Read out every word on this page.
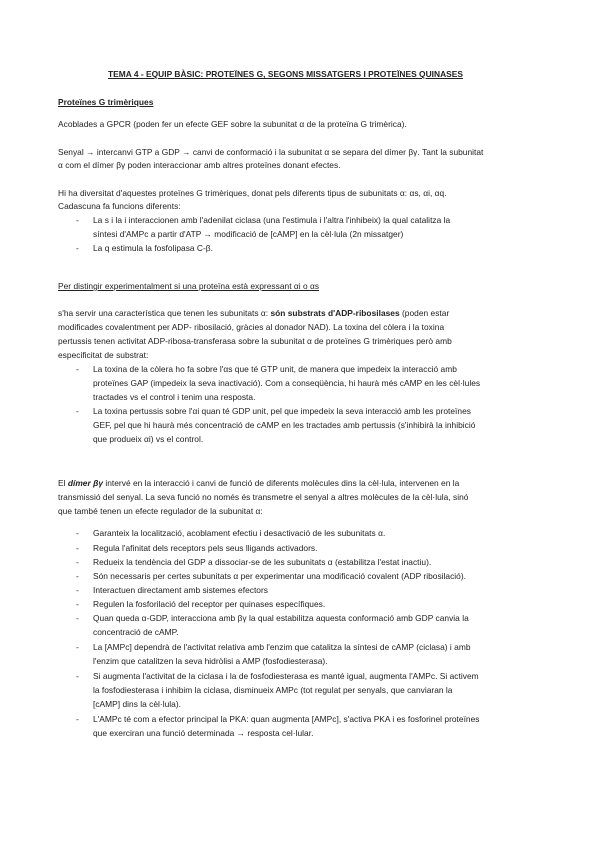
TEMA 4 - EQUIP BÀSIC: PROTEÏNES G, SEGONS MISSATGERS I PROTEÏNES QUINASES
Proteïnes G trimèriques
Acoblades a GPCR (poden fer un efecte GEF sobre la subunitat α de la proteïna G trimèrica).
Senyal → intercanvi GTP a GDP → canvi de conformació i la subunitat α se separa del dímer βγ. Tant la subunitat
α com el dímer βγ poden interaccionar amb altres proteïnes donant efectes.
Hi ha diversitat d'aquestes proteïnes G trimèriques, donat pels diferents tipus de subunitats α: αs, αi, αq.
Cadascuna fa funcions diferents:
- La s i la i interaccionen amb l'adenilat ciclasa (una l'estimula i l'altra l'inhibeix) la qual catalitza la
síntesi d'AMPc a partir d'ATP → modificació de [cAMP] en la cèl·lula (2n missatger)
- La q estimula la fosfolipasa C-β.
Per distingir experimentalment si una proteïna està expressant αi o αs
s'ha servir una característica que tenen les subunitats α: són substrats d'ADP-ribosilases (poden estar
modificades covalentment per ADP- ribosilació, gràcies al donador NAD). La toxina del còlera i la toxina
pertussis tenen activitat ADP-ribosa-transferasa sobre la subunitat α de proteïnes G trimèriques però amb
especificitat de substrat:
- La toxina de la còlera ho fa sobre l'αs que té GTP unit, de manera que impedeix la interacció amb
proteïnes GAP (impedeix la seva inactivació). Com a conseqüència, hi haurà més cAMP en les cèl·lules
tractades vs el control i tenim una resposta.
- La toxina pertussis sobre l'αi quan té GDP unit, pel que impedeix la seva interacció amb les proteïnes
GEF, pel que hi haurà més concentració de cAMP en les tractades amb pertussis (s'inhibirà la inhibició
que produeix αi) vs el control.
El dímer βγ intervé en la interacció i canvi de funció de diferents molècules dins la cèl·lula, intervenen en la
transmissió del senyal. La seva funció no només és transmetre el senyal a altres molècules de la cèl·lula, sinó
que també tenen un efecte regulador de la subunitat α:
- Garanteix la localització, acoblament efectiu i desactivació de les subunitats α.
- Regula l'afinitat dels receptors pels seus lligands activadors.
- Redueix la tendència del GDP a dissociar-se de les subunitats α (estabilitza l'estat inactiu).
- Són necessaris per certes subunitats α per experimentar una modificació covalent (ADP ribosilació).
- Interactuen directament amb sistemes efectors
- Regulen la fosforilació del receptor per quinases específiques.
- Quan queda α-GDP, interacciona amb βγ la qual estabilitza aquesta conformació amb GDP canvia la
concentració de cAMP.
- La [AMPc] dependrà de l'activitat relativa amb l'enzim que catalitza la síntesi de cAMP (ciclasa) i amb
l'enzim que catalitzen la seva hidròlisi a AMP (fosfodiesterasa).
- Si augmenta l'activitat de la ciclasa i la de fosfodiesterasa es manté igual, augmenta l'AMPc. Si activem
la fosfodiesterasa i inhibim la ciclasa, disminueix AMPc (tot regulat per senyals, que canviaran la
[cAMP] dins la cèl·lula).
- L'AMPc té com a efector principal la PKA: quan augmenta [AMPc], s'activa PKA i es fosforinel proteïnes
que exerciran una funció determinada → resposta cel·lular.
